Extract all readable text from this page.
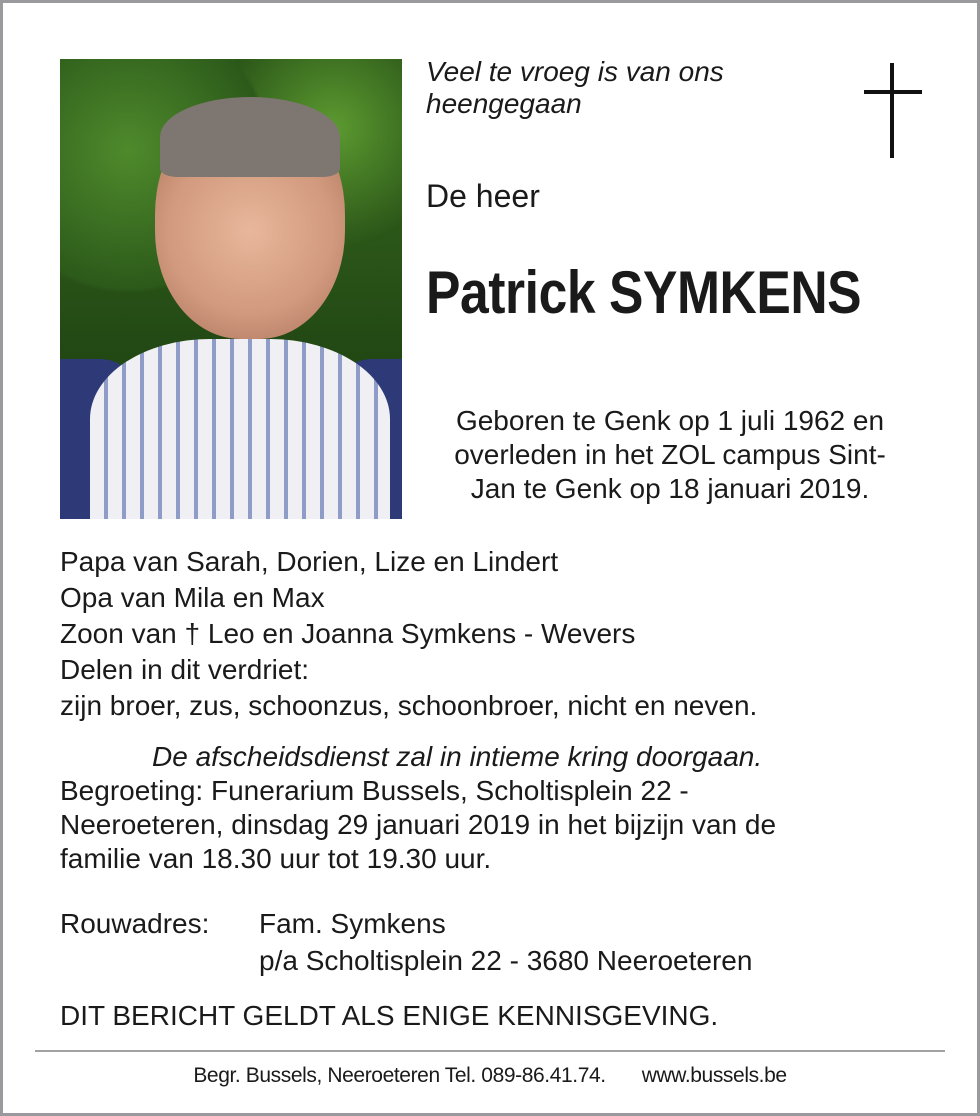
Veel te vroeg is van ons
heengegaan
De heer
Patrick SYMKENS
Geboren te Genk op 1 juli 1962 en
overleden in het ZOL campus Sint-
Jan te Genk op 18 januari 2019.
Papa van Sarah, Dorien, Lize en Lindert
Opa van Mila en Max
Zoon van † Leo en Joanna Symkens - Wevers
Delen in dit verdriet:
zijn broer, zus, schoonzus, schoonbroer, nicht en neven.
De afscheidsdienst zal in intieme kring doorgaan.
Begroeting: Funerarium Bussels, Scholtisplein 22 -
Neeroeteren, dinsdag 29 januari 2019 in het bijzijn van de
familie van 18.30 uur tot 19.30 uur.
Rouwadres: Fam. Symkens
p/a Scholtisplein 22 - 3680 Neeroeteren
DIT BERICHT GELDT ALS ENIGE KENNISGEVING.
Begr. Bussels, Neeroeteren Tel. 089-86.41.74. www.bussels.be
